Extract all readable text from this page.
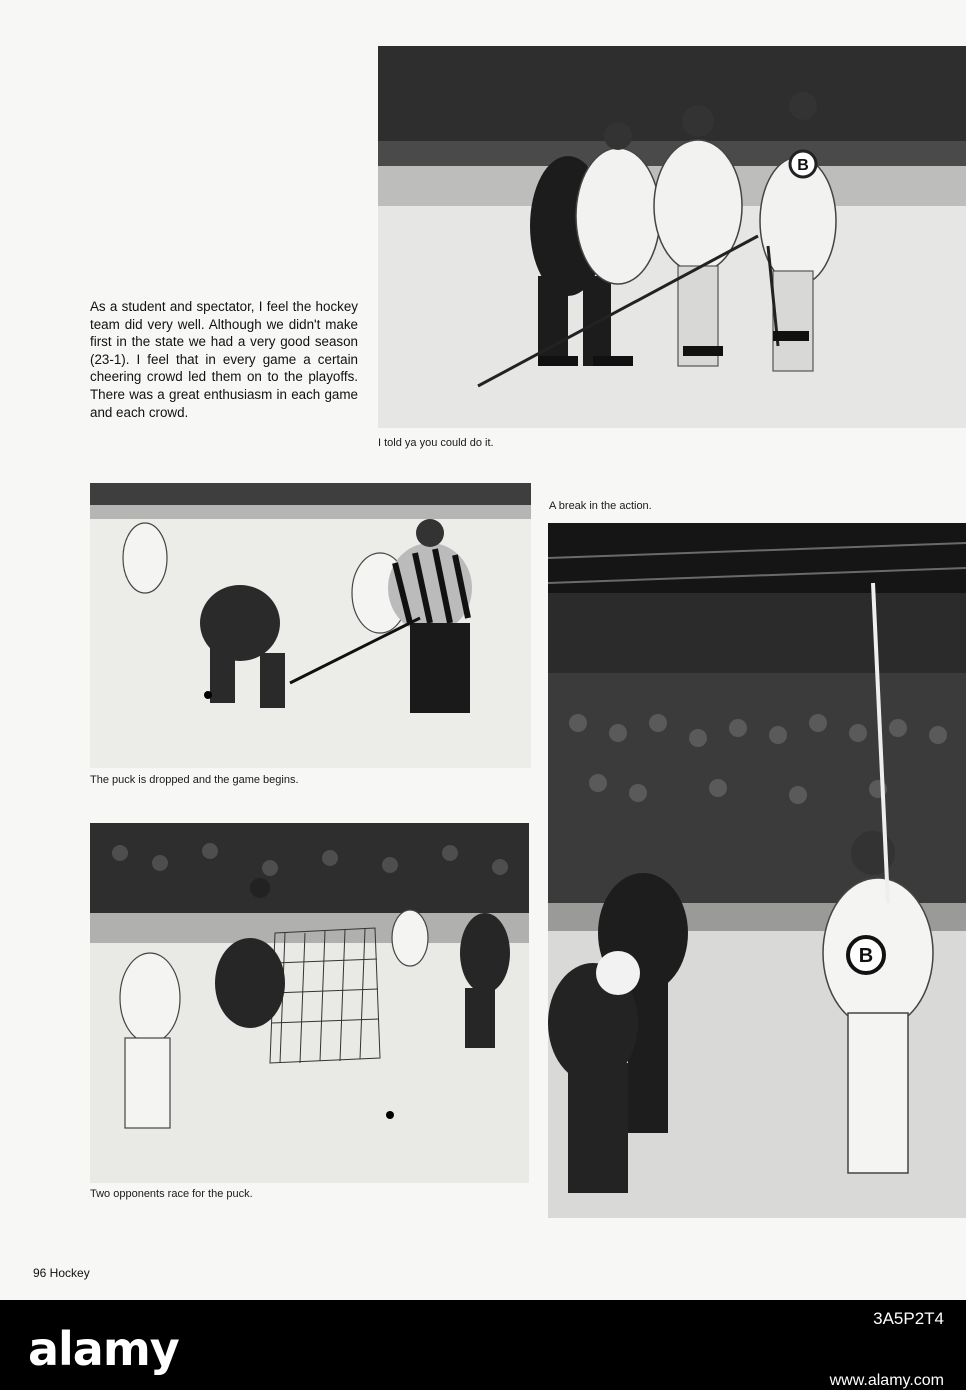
B

I told ya you could do it.

As a student and spectator, I feel the hockey team did very well. Although we didn't make first in the state we had a very good season (23-1). I feel that in every game a certain cheering crowd led them on to the playoffs. There was a great enthusiasm in each game and each crowd.

The puck is dropped and the game begins.

A break in the action.

B

Two opponents race for the puck.

96 Hockey
alamy
3A5P2T4
www.alamy.com
